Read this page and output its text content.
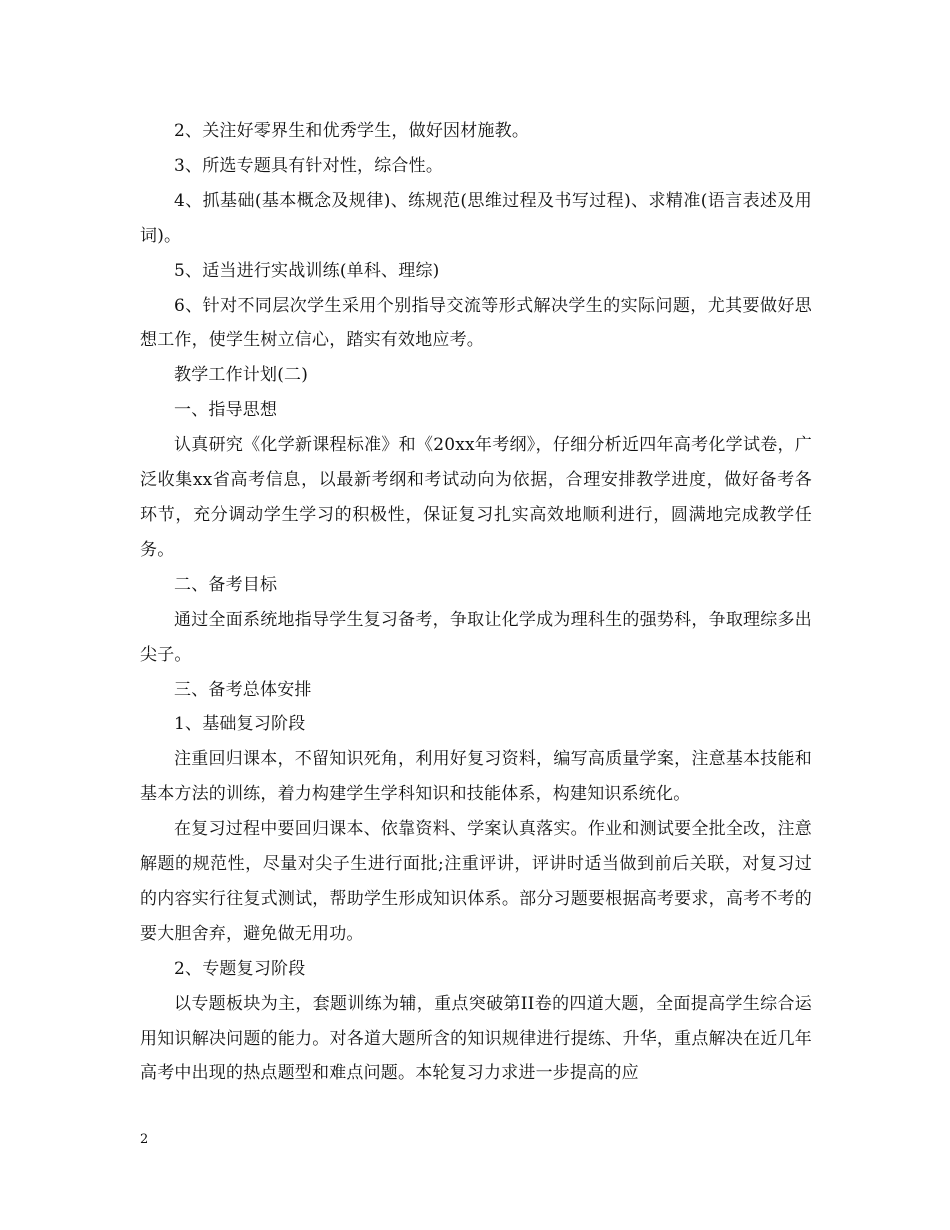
2、关注好零界生和优秀学生，做好因材施教。

3、所选专题具有针对性，综合性。

4、抓基础(基本概念及规律)、练规范(思维过程及书写过程)、求精准(语言表述及用词)。

5、适当进行实战训练(单科、理综)

6、针对不同层次学生采用个别指导交流等形式解决学生的实际问题，尤其要做好思想工作，使学生树立信心，踏实有效地应考。

教学工作计划(二)

一、指导思想

认真研究《化学新课程标准》和《20xx年考纲》，仔细分析近四年高考化学试卷，广泛收集xx省高考信息，以最新考纲和考试动向为依据，合理安排教学进度，做好备考各环节，充分调动学生学习的积极性，保证复习扎实高效地顺利进行，圆满地完成教学任务。

二、备考目标

通过全面系统地指导学生复习备考，争取让化学成为理科生的强势科，争取理综多出尖子。

三、备考总体安排

1、基础复习阶段

注重回归课本，不留知识死角，利用好复习资料，编写高质量学案，注意基本技能和基本方法的训练，着力构建学生学科知识和技能体系，构建知识系统化。

在复习过程中要回归课本、依靠资料、学案认真落实。作业和测试要全批全改，注意解题的规范性，尽量对尖子生进行面批;注重评讲，评讲时适当做到前后关联，对复习过的内容实行往复式测试，帮助学生形成知识体系。部分习题要根据高考要求，高考不考的要大胆舍弃，避免做无用功。

2、专题复习阶段

以专题板块为主，套题训练为辅，重点突破第II卷的四道大题，全面提高学生综合运用知识解决问题的能力。对各道大题所含的知识规律进行提练、升华，重点解决在近几年高考中出现的热点题型和难点问题。本轮复习力求进一步提高的应

2
